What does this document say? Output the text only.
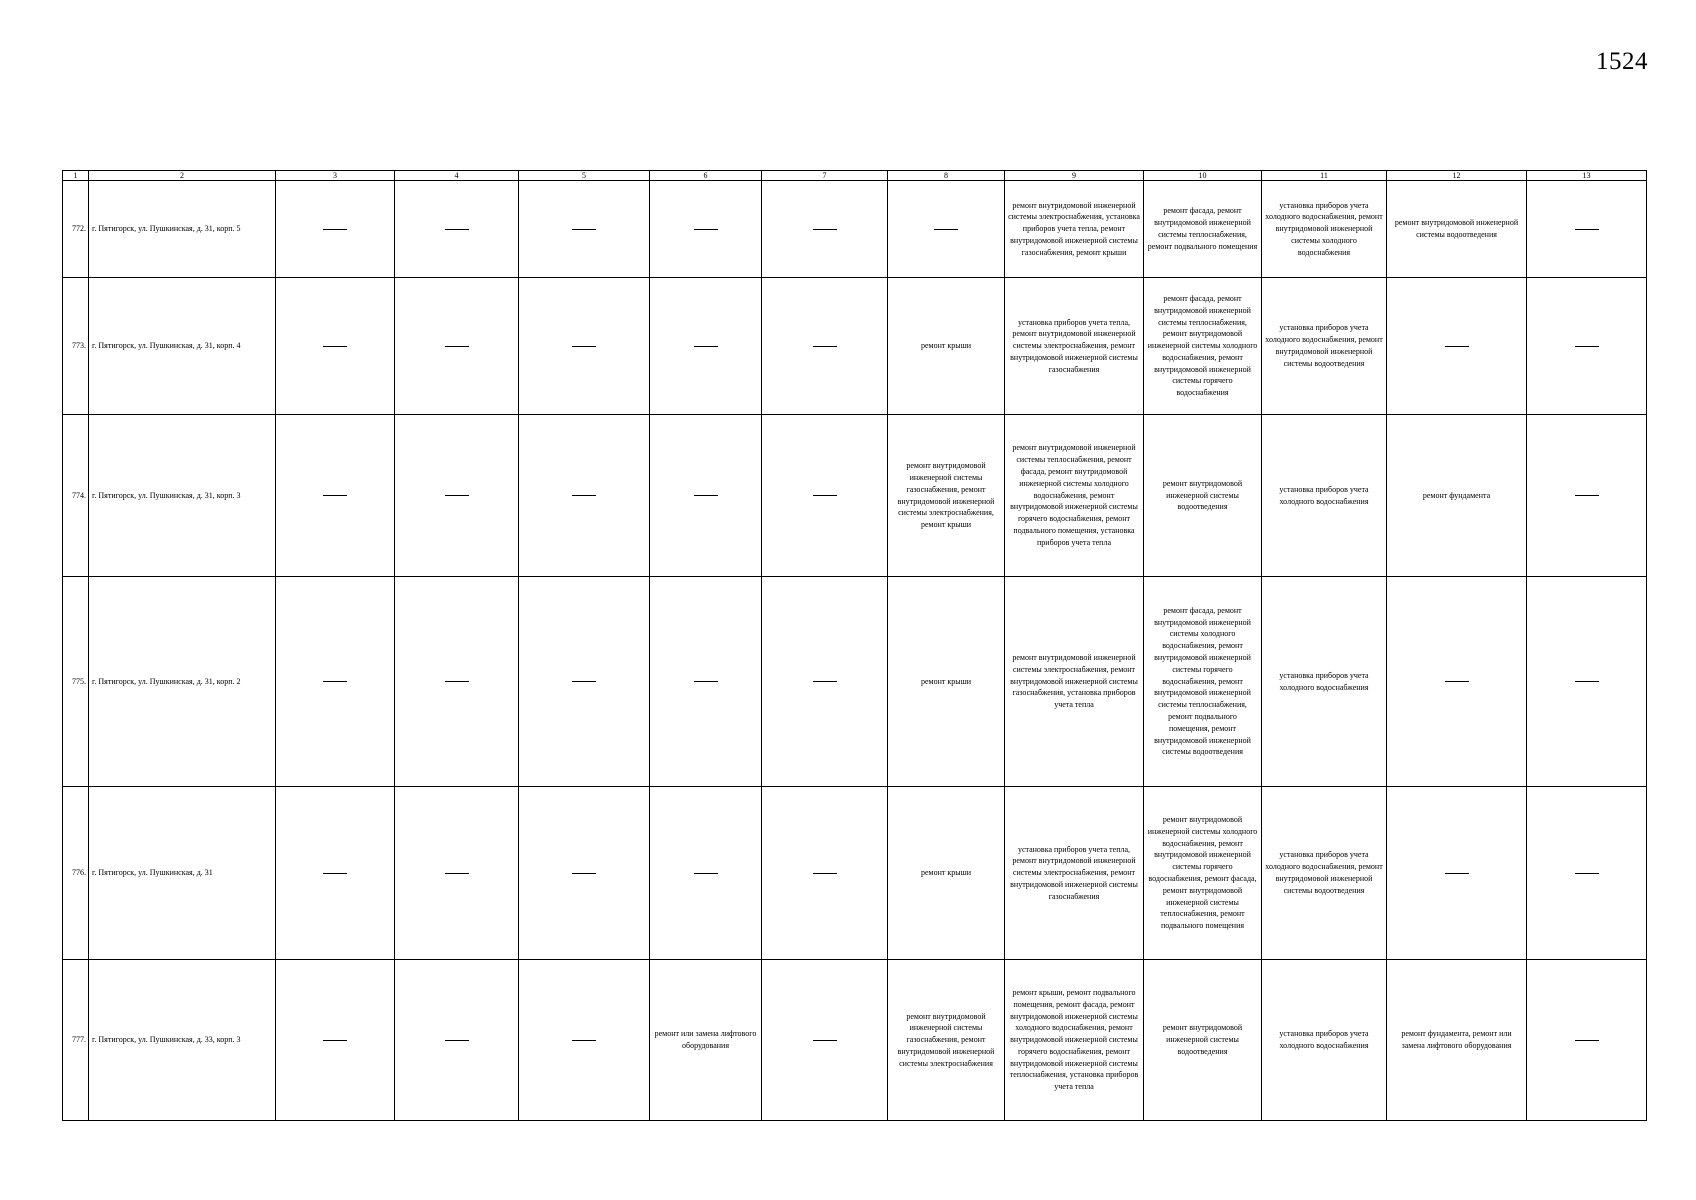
1524
1	2	3	4	5	6	7	8	9	10	11	12	13
772.	г. Пятигорск, ул. Пушкинская, д. 31, корп. 5							ремонт внутридомовой инженерной системы электроснабжения, установка приборов учета тепла, ремонт внутридомовой инженерной системы газоснабжения, ремонт крыши	ремонт фасада, ремонт внутридомовой инженерной системы теплоснабжения, ремонт подвального помещения	установка приборов учета холодного водоснабжения, ремонт внутридомовой инженерной системы холодного водоснабжения	ремонт внутридомовой инженерной системы водоотведения	
773.	г. Пятигорск, ул. Пушкинская, д. 31, корп. 4						ремонт крыши	установка приборов учета тепла, ремонт внутридомовой инженерной системы электроснабжения, ремонт внутридомовой инженерной системы газоснабжения	ремонт фасада, ремонт внутридомовой инженерной системы теплоснабжения, ремонт внутридомовой инженерной системы холодного водоснабжения, ремонт внутридомовой инженерной системы горячего водоснабжения	установка приборов учета холодного водоснабжения, ремонт внутридомовой инженерной системы водоотведения		
774.	г. Пятигорск, ул. Пушкинская, д. 31, корп. 3						ремонт внутридомовой инженерной системы газоснабжения, ремонт внутридомовой инженерной системы электроснабжения, ремонт крыши	ремонт внутридомовой инженерной системы теплоснабжения, ремонт фасада, ремонт внутридомовой инженерной системы холодного водоснабжения, ремонт внутридомовой инженерной системы горячего водоснабжения, ремонт подвального помещения, установка приборов учета тепла	ремонт внутридомовой инженерной системы водоотведения	установка приборов учета холодного водоснабжения	ремонт фундамента	
775.	г. Пятигорск, ул. Пушкинская, д. 31, корп. 2						ремонт крыши	ремонт внутридомовой инженерной системы электроснабжения, ремонт внутридомовой инженерной системы газоснабжения, установка приборов учета тепла	ремонт фасада, ремонт внутридомовой инженерной системы холодного водоснабжения, ремонт внутридомовой инженерной системы горячего водоснабжения, ремонт внутридомовой инженерной системы теплоснабжения, ремонт подвального помещения, ремонт внутридомовой инженерной системы водоотведения	установка приборов учета холодного водоснабжения		
776.	г. Пятигорск, ул. Пушкинская, д. 31						ремонт крыши	установка приборов учета тепла, ремонт внутридомовой инженерной системы электроснабжения, ремонт внутридомовой инженерной системы газоснабжения	ремонт внутридомовой инженерной системы холодного водоснабжения, ремонт внутридомовой инженерной системы горячего водоснабжения, ремонт фасада, ремонт внутридомовой инженерной системы теплоснабжения, ремонт подвального помещения	установка приборов учета холодного водоснабжения, ремонт внутридомовой инженерной системы водоотведения		
777.	г. Пятигорск, ул. Пушкинская, д. 33, корп. 3				ремонт или замена лифтового оборудования		ремонт внутридомовой инженерной системы газоснабжения, ремонт внутридомовой инженерной системы электроснабжения	ремонт крыши, ремонт подвального помещения, ремонт фасада, ремонт внутридомовой инженерной системы холодного водоснабжения, ремонт внутридомовой инженерной системы горячего водоснабжения, ремонт внутридомовой инженерной системы теплоснабжения, установка приборов учета тепла	ремонт внутридомовой инженерной системы водоотведения	установка приборов учета холодного водоснабжения	ремонт фундамента, ремонт или замена лифтового оборудования	
